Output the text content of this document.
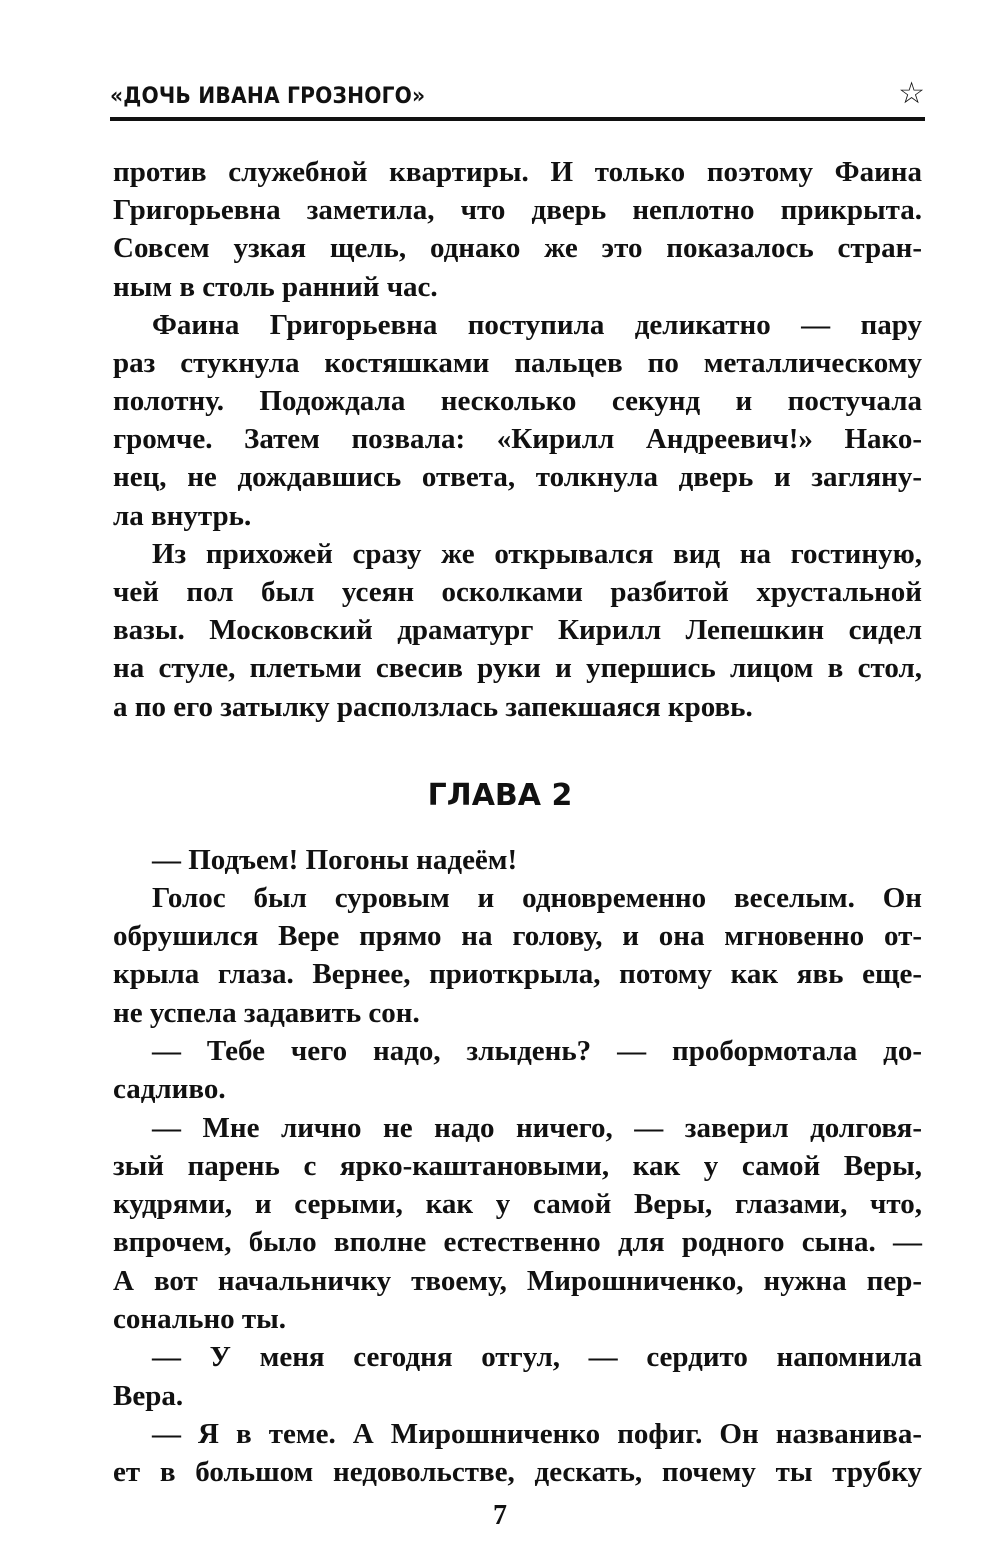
«ДОЧЬ ИВАНА ГРОЗНОГО»	☆
против служебной квартиры. И только поэтому Фаина
Григорьевна заметила, что дверь неплотно прикрыта.
Совсем узкая щель, однако же это показалось стран-
ным в столь ранний час.
Фаина Григорьевна поступила деликатно — пару
раз стукнула костяшками пальцев по металлическому
полотну. Подождала несколько секунд и постучала
громче. Затем позвала: «Кирилл Андреевич!» Нако-
нец, не дождавшись ответа, толкнула дверь и загляну-
ла внутрь.
Из прихожей сразу же открывался вид на гостиную,
чей пол был усеян осколками разбитой хрустальной
вазы. Московский драматург Кирилл Лепешкин сидел
на стуле, плетьми свесив руки и упершись лицом в стол,
а по его затылку расползлась запекшаяся кровь.
— Подъем! Погоны надеём!
Голос был суровым и одновременно веселым. Он
обрушился Вере прямо на голову, и она мгновенно от-
крыла глаза. Вернее, приоткрыла, потому как явь еще-
не успела задавить сон.
— Тебе чего надо, злыдень? — пробормотала до-
садливо.
— Мне лично не надо ничего, — заверил долговя-
зый парень с ярко-каштановыми, как у самой Веры,
кудрями, и серыми, как у самой Веры, глазами, что,
впрочем, было вполне естественно для родного сына. —
А вот начальничку твоему, Мирошниченко, нужна пер-
сонально ты.
— У меня сегодня отгул, — сердито напомнила
Вера.
— Я в теме. А Мирошниченко пофиг. Он названива-
ет в большом недовольстве, дескать, почему ты трубку
ГЛАВА 2
7
